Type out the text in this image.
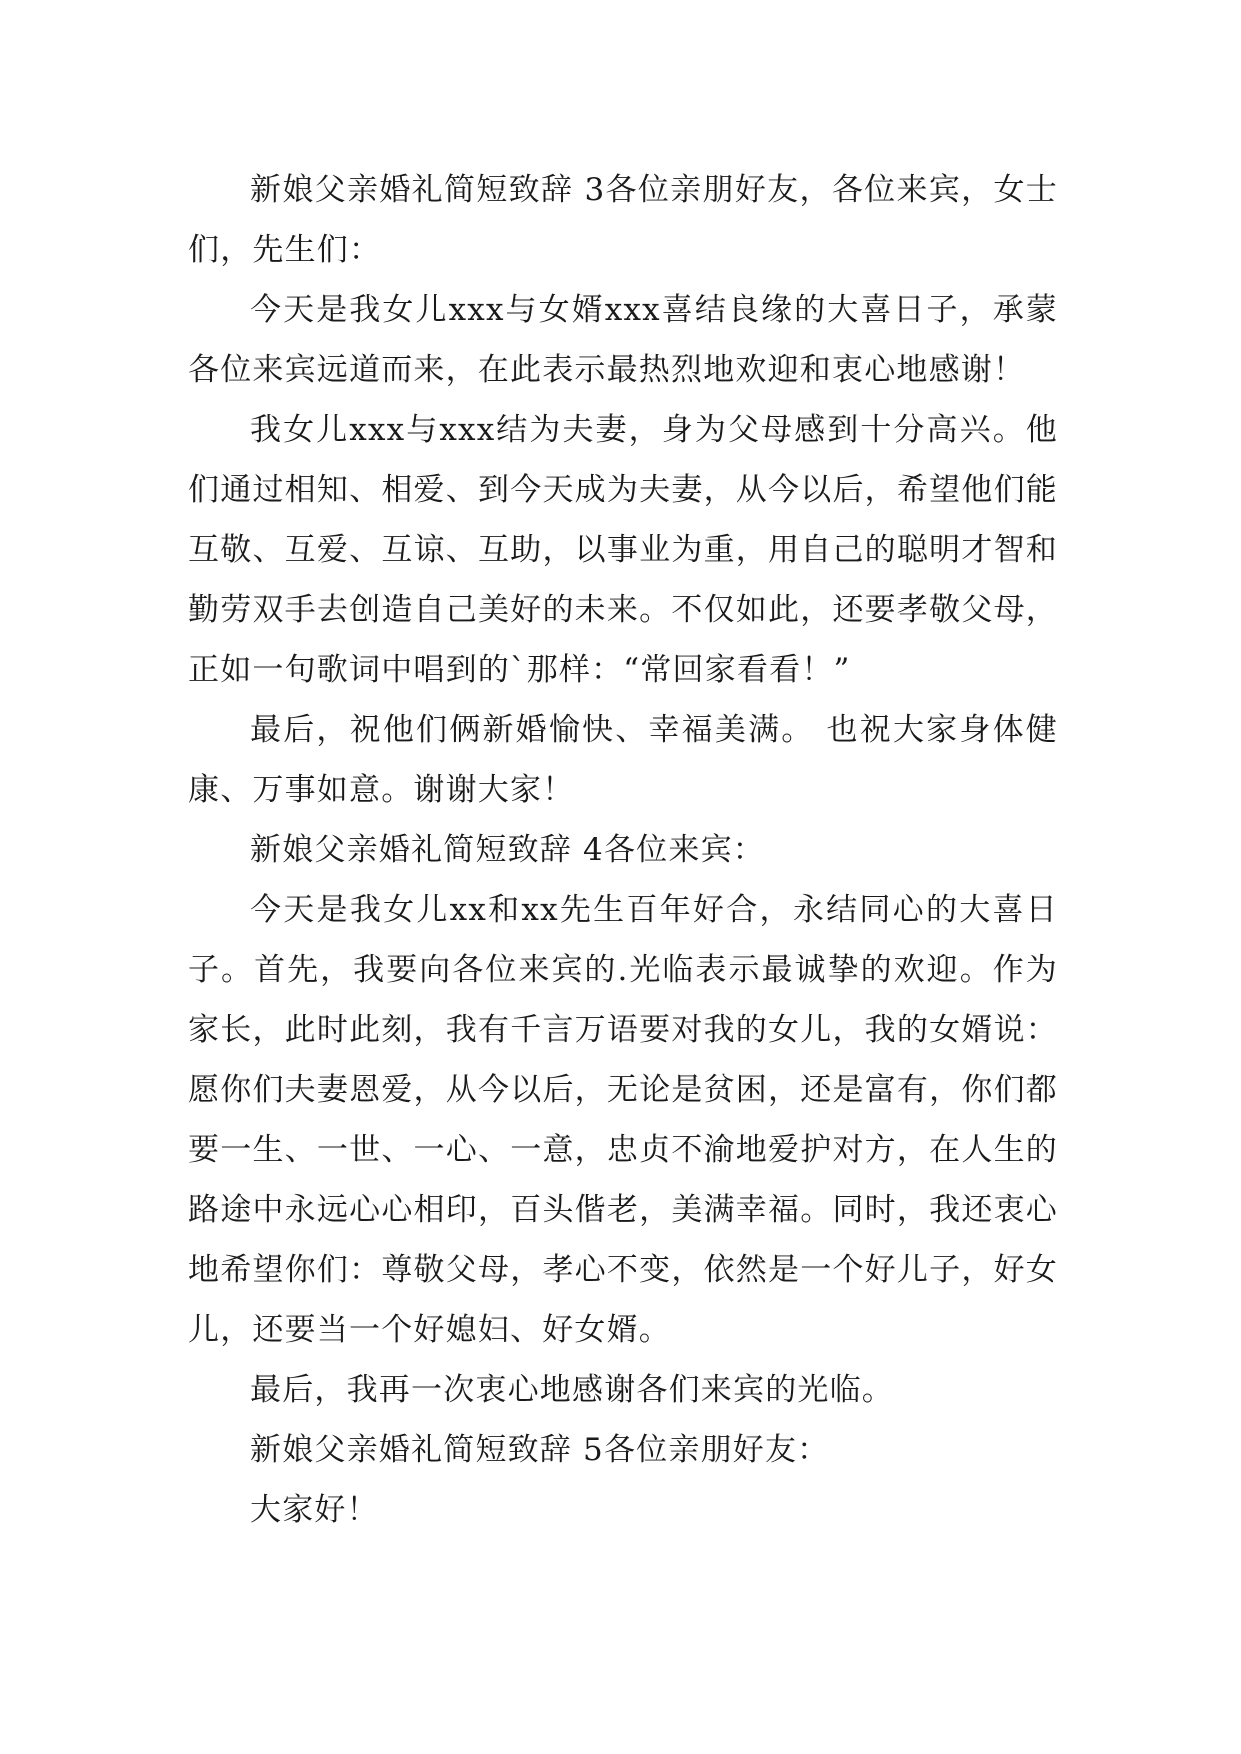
新娘父亲婚礼简短致辞 3各位亲朋好友，各位来宾，女士们，先生们：

今天是我女儿xxx与女婿xxx喜结良缘的大喜日子，承蒙各位来宾远道而来，在此表示最热烈地欢迎和衷心地感谢！

我女儿xxx与xxx结为夫妻，身为父母感到十分高兴。他们通过相知、相爱、到今天成为夫妻，从今以后，希望他们能互敬、互爱、互谅、互助，以事业为重，用自己的聪明才智和勤劳双手去创造自己美好的未来。不仅如此，还要孝敬父母，正如一句歌词中唱到的`那样：“常回家看看！”

最后，祝他们俩新婚愉快、幸福美满。 也祝大家身体健康、万事如意。谢谢大家！

新娘父亲婚礼简短致辞 4各位来宾：

今天是我女儿xx和xx先生百年好合，永结同心的大喜日子。首先，我要向各位来宾的.光临表示最诚挚的欢迎。作为家长，此时此刻，我有千言万语要对我的女儿，我的女婿说：愿你们夫妻恩爱，从今以后，无论是贫困，还是富有，你们都要一生、一世、一心、一意，忠贞不渝地爱护对方，在人生的路途中永远心心相印，百头偕老，美满幸福。同时，我还衷心地希望你们：尊敬父母，孝心不变，依然是一个好儿子，好女儿，还要当一个好媳妇、好女婿。

最后，我再一次衷心地感谢各们来宾的光临。

新娘父亲婚礼简短致辞 5各位亲朋好友：

大家好！
